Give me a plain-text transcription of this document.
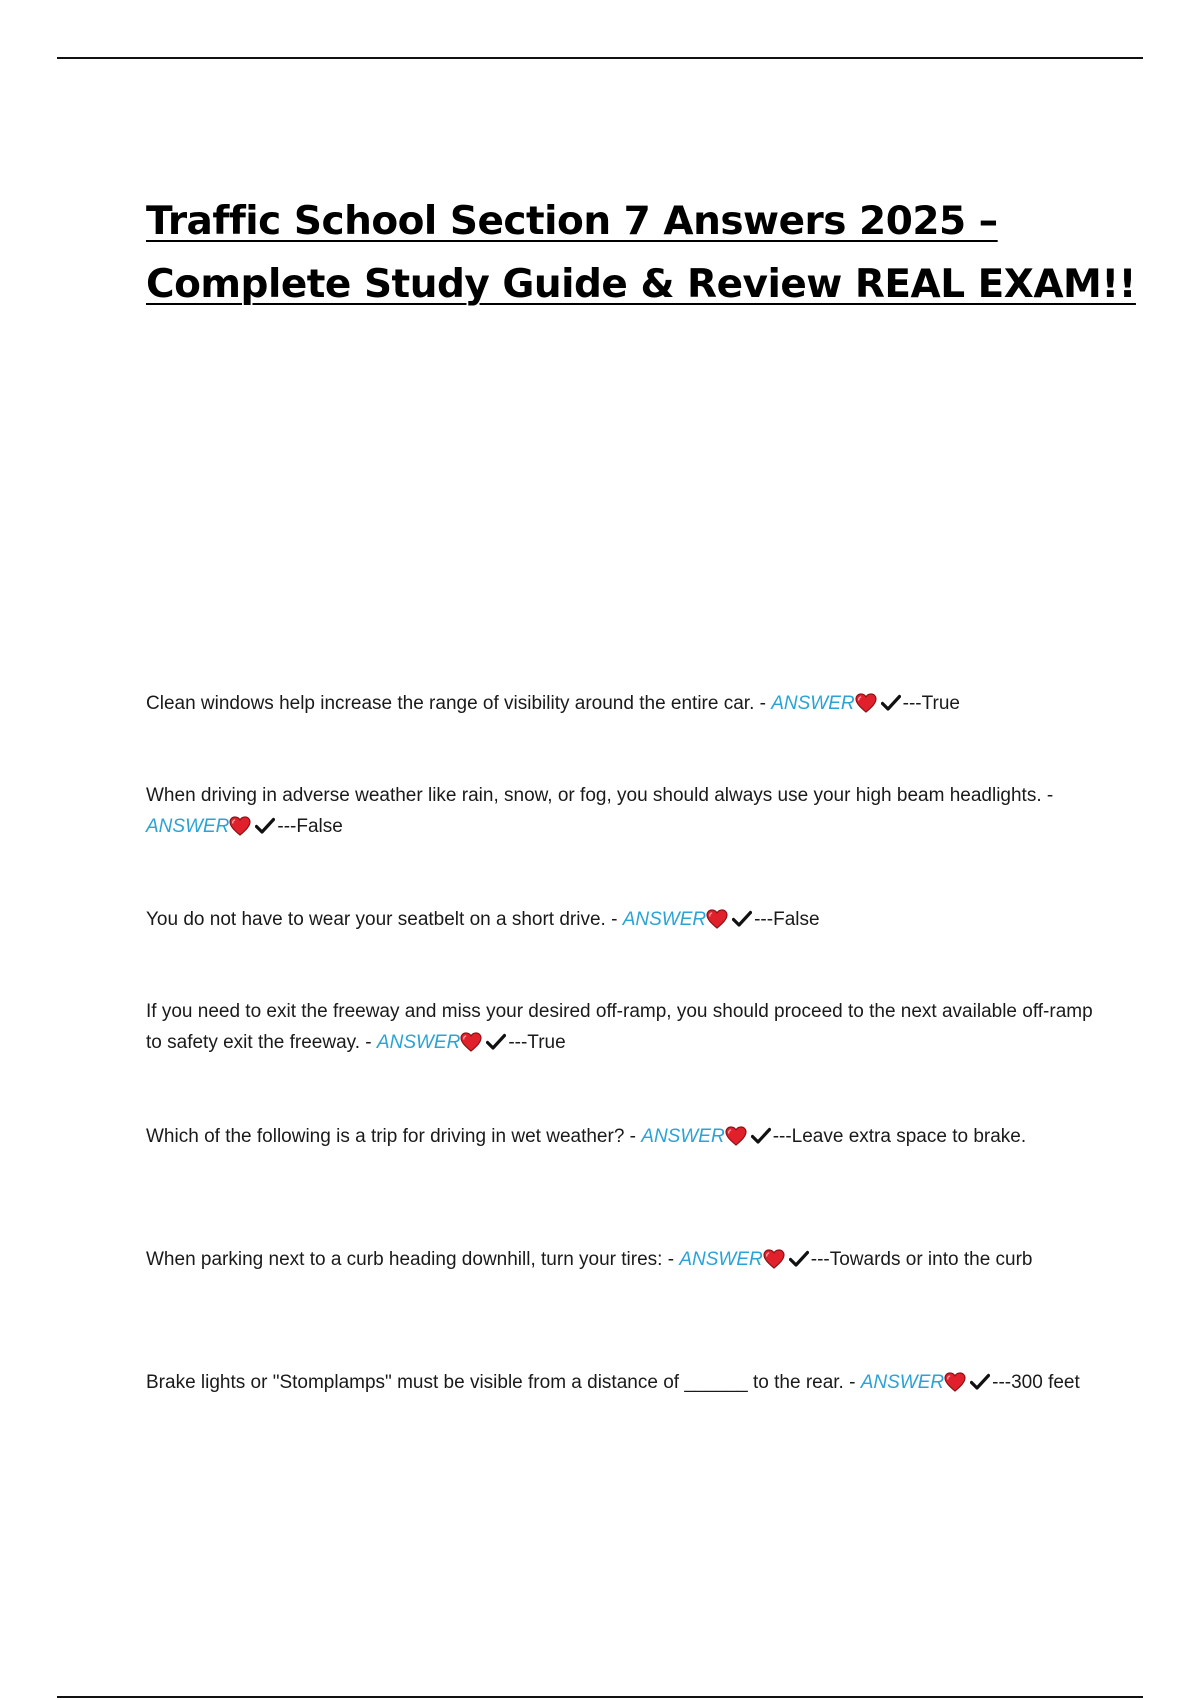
Traffic School Section 7 Answers 2025 –
Complete Study Guide & Review REAL EXAM!!

Clean windows help increase the range of visibility around the entire car. - ANSWER	---True

When driving in adverse weather like rain, snow, or fog, you should always use your high beam headlights. - ANSWER	---False

You do not have to wear your seatbelt on a short drive. - ANSWER	---False

If you need to exit the freeway and miss your desired off-ramp, you should proceed to the next available off-ramp to safety exit the freeway. - ANSWER	---True

Which of the following is a trip for driving in wet weather? - ANSWER	---Leave extra space to brake.

When parking next to a curb heading downhill, turn your tires: - ANSWER	---Towards or into the curb

Brake lights or "Stomplamps" must be visible from a distance of ______ to the rear. - ANSWER	---300 feet
